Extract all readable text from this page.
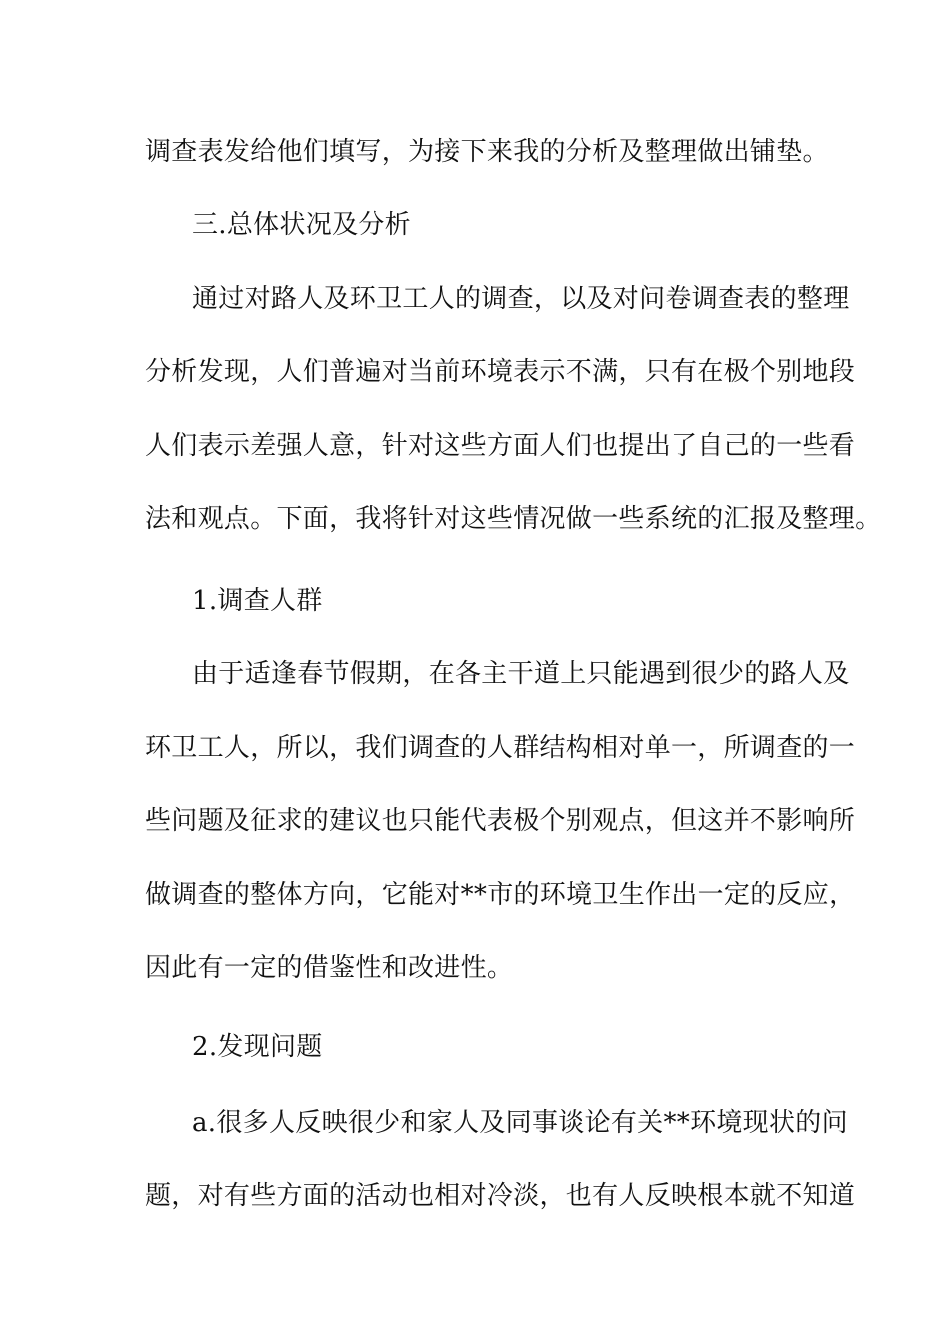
调查表发给他们填写，为接下来我的分析及整理做出铺垫。
三.总体状况及分析
通过对路人及环卫工人的调查，以及对问卷调查表的整理
分析发现，人们普遍对当前环境表示不满，只有在极个别地段
人们表示差强人意，针对这些方面人们也提出了自己的一些看
法和观点。下面，我将针对这些情况做一些系统的汇报及整理。
1.调查人群
由于适逢春节假期，在各主干道上只能遇到很少的路人及
环卫工人，所以，我们调查的人群结构相对单一，所调查的一
些问题及征求的建议也只能代表极个别观点，但这并不影响所
做调查的整体方向，它能对**市的环境卫生作出一定的反应，
因此有一定的借鉴性和改进性。
2.发现问题
a.很多人反映很少和家人及同事谈论有关**环境现状的问
题，对有些方面的活动也相对冷淡，也有人反映根本就不知道
